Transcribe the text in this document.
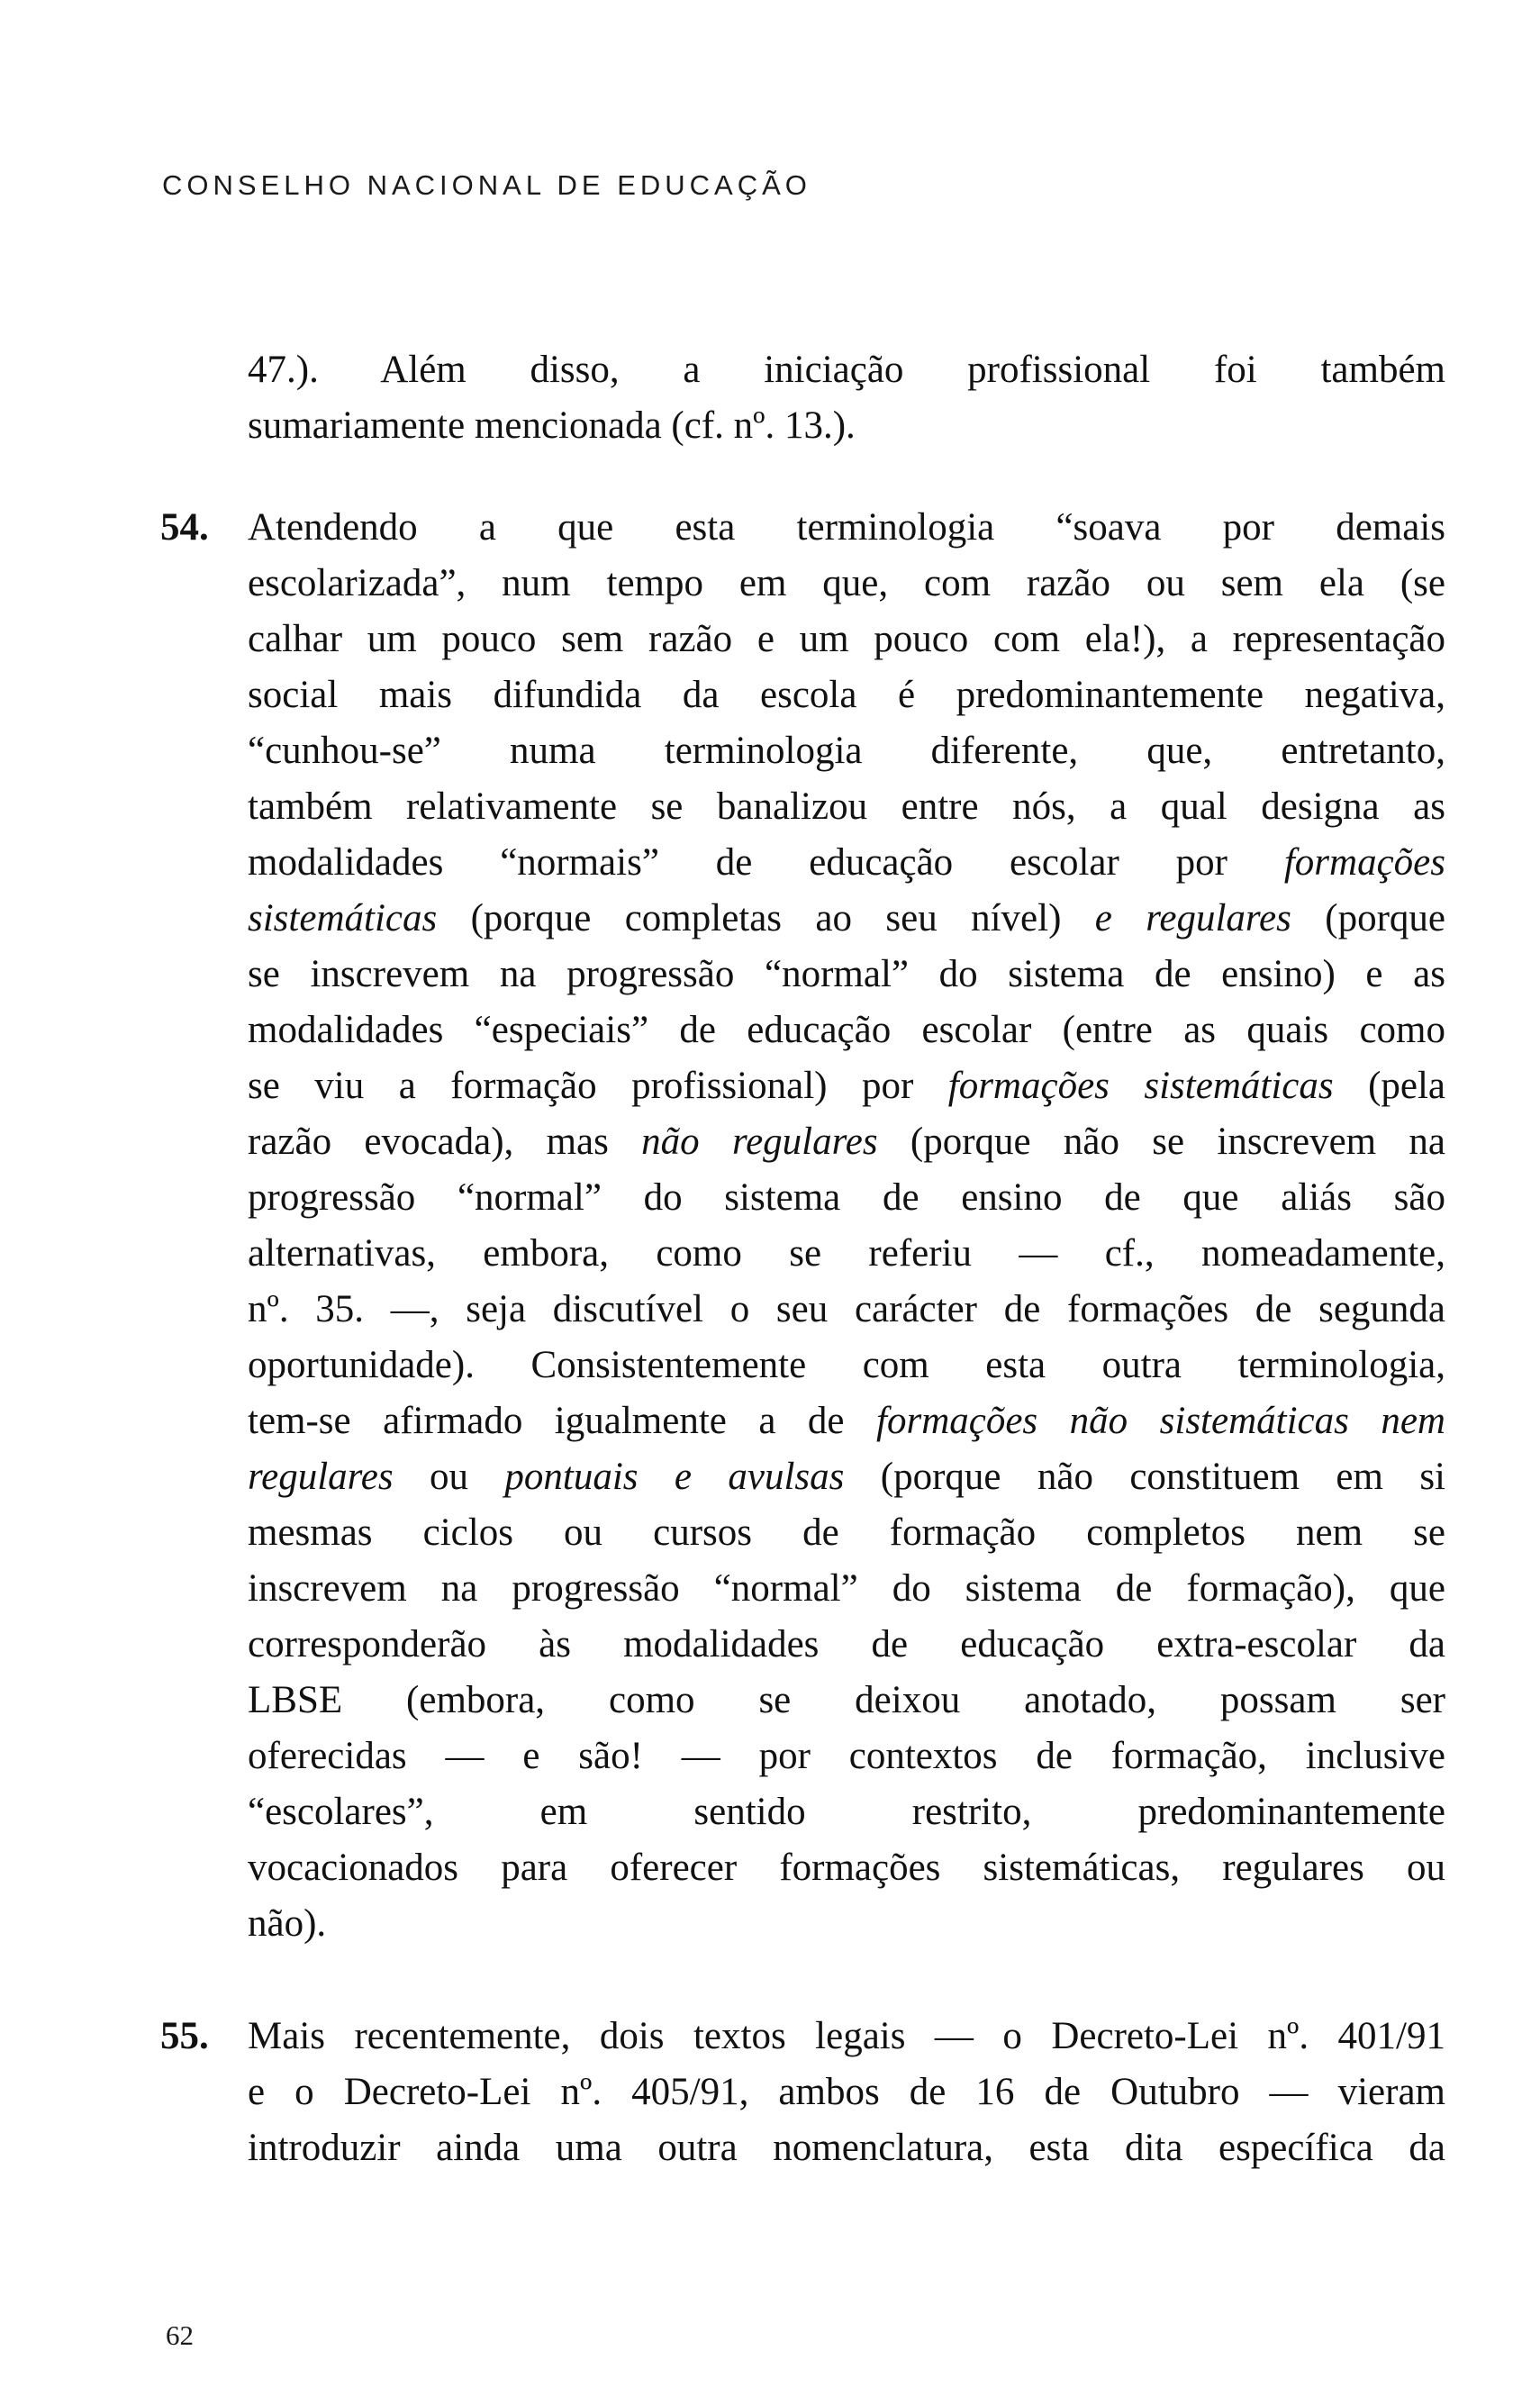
CONSELHO NACIONAL DE EDUCAÇÃO
47.). Além disso, a iniciação profissional foi também
sumariamente mencionada (cf. nº. 13.).
54. Atendendo a que esta terminologia “soava por demais
escolarizada”, num tempo em que, com razão ou sem ela (se
calhar um pouco sem razão e um pouco com ela!), a representação
social mais difundida da escola é predominantemente negativa,
“cunhou-se” numa terminologia diferente, que, entretanto,
também relativamente se banalizou entre nós, a qual designa as
modalidades “normais” de educação escolar por formações
sistemáticas (porque completas ao seu nível) e regulares (porque
se inscrevem na progressão “normal” do sistema de ensino) e as
modalidades “especiais” de educação escolar (entre as quais como
se viu a formação profissional) por formações sistemáticas (pela
razão evocada), mas não regulares (porque não se inscrevem na
progressão “normal” do sistema de ensino de que aliás são
alternativas, embora, como se referiu — cf., nomeadamente,
nº. 35. —, seja discutível o seu carácter de formações de segunda
oportunidade). Consistentemente com esta outra terminologia,
tem-se afirmado igualmente a de formações não sistemáticas nem
regulares ou pontuais e avulsas (porque não constituem em si
mesmas ciclos ou cursos de formação completos nem se
inscrevem na progressão “normal” do sistema de formação), que
corresponderão às modalidades de educação extra-escolar da
LBSE (embora, como se deixou anotado, possam ser
oferecidas — e são! — por contextos de formação, inclusive
“escolares”, em sentido restrito, predominantemente
vocacionados para oferecer formações sistemáticas, regulares ou
não).
55. Mais recentemente, dois textos legais — o Decreto-Lei nº. 401/91
e o Decreto-Lei nº. 405/91, ambos de 16 de Outubro — vieram
introduzir ainda uma outra nomenclatura, esta dita específica da
62
